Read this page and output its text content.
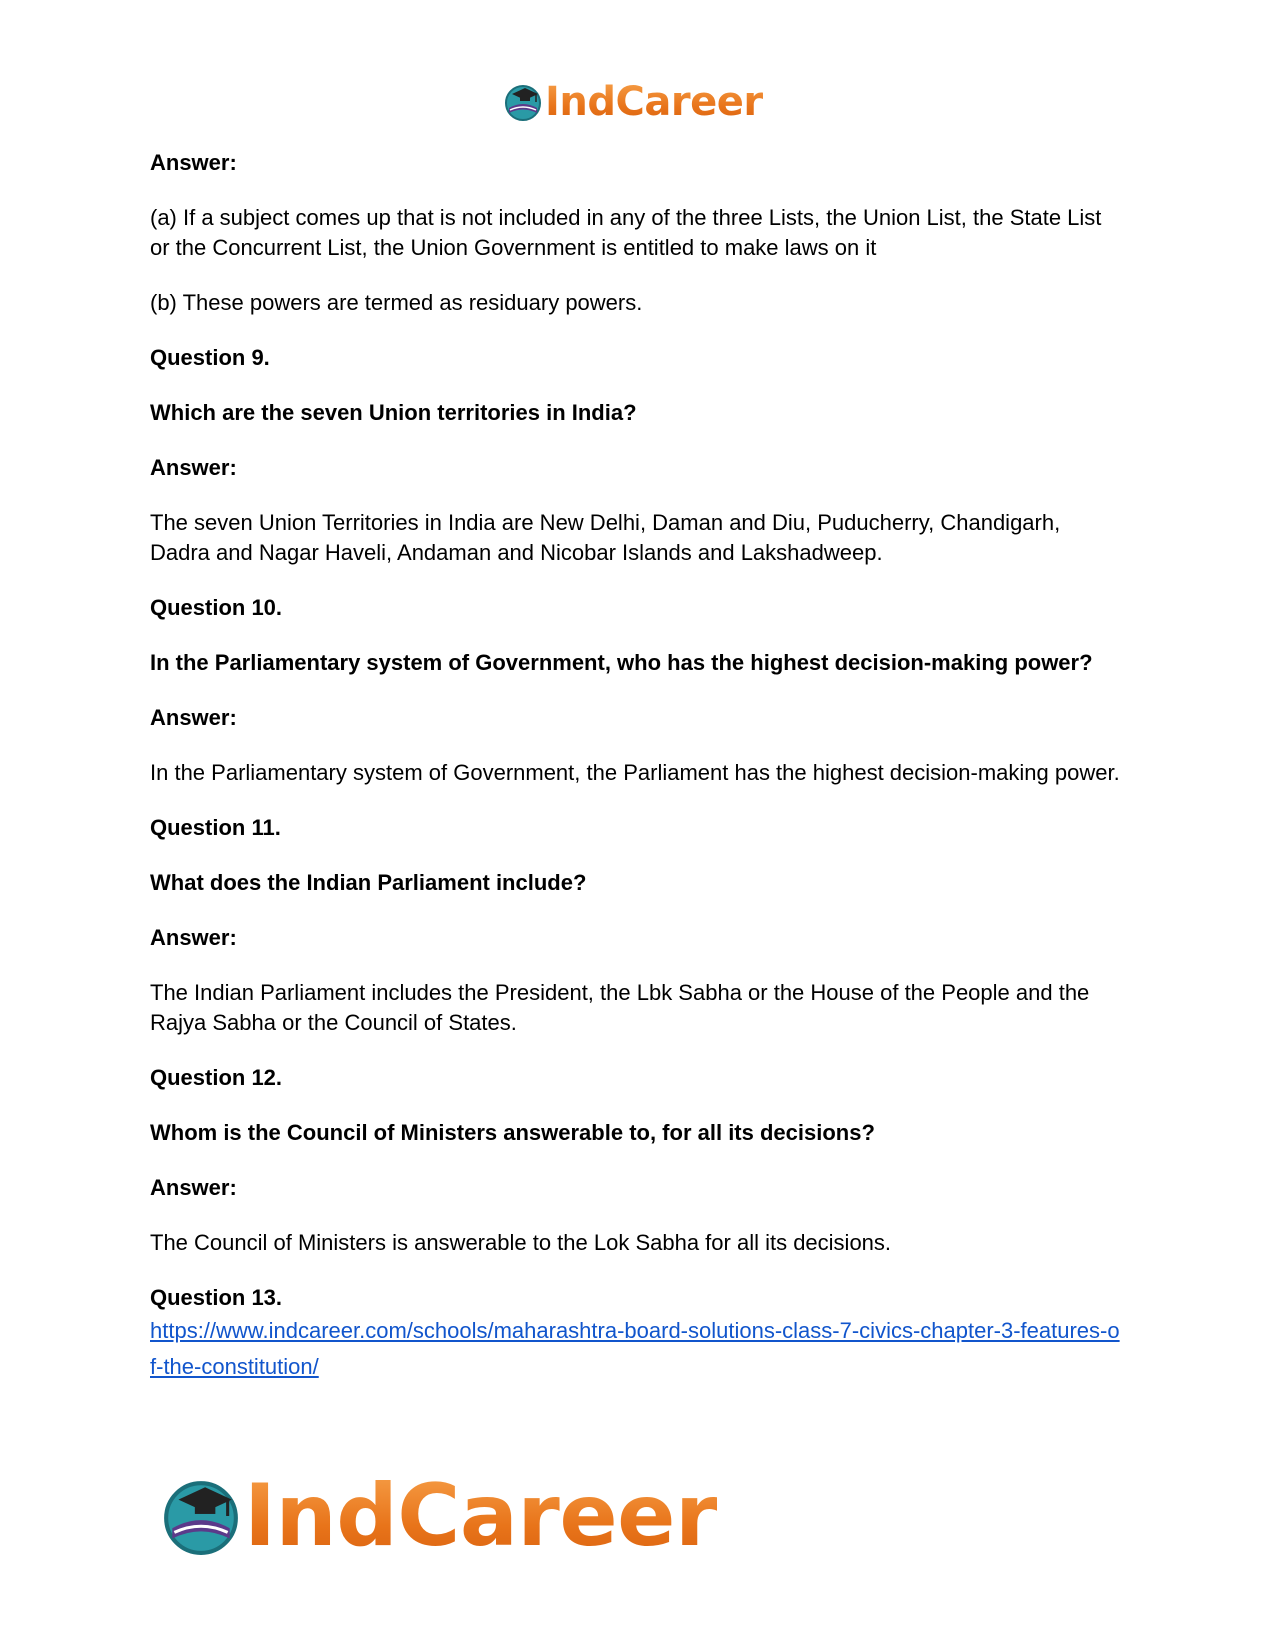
IndCareer

Answer:

(a) If a subject comes up that is not included in any of the three Lists, the Union List, the State List or the Concurrent List, the Union Government is entitled to make laws on it

(b) These powers are termed as residuary powers.

Question 9.

Which are the seven Union territories in India?

Answer:

The seven Union Territories in India are New Delhi, Daman and Diu, Puducherry, Chandigarh, Dadra and Nagar Haveli, Andaman and Nicobar Islands and Lakshadweep.

Question 10.

In the Parliamentary system of Government, who has the highest decision-making power?

Answer:

In the Parliamentary system of Government, the Parliament has the highest decision-making power.

Question 11.

What does the Indian Parliament include?

Answer:

The Indian Parliament includes the President, the Lbk Sabha or the House of the People and the Rajya Sabha or the Council of States.

Question 12.

Whom is the Council of Ministers answerable to, for all its decisions?

Answer:

The Council of Ministers is answerable to the Lok Sabha for all its decisions.

Question 13.

https://www.indcareer.com/schools/maharashtra-board-solutions-class-7-civics-chapter-3-features-of-the-constitution/
IndCareer
